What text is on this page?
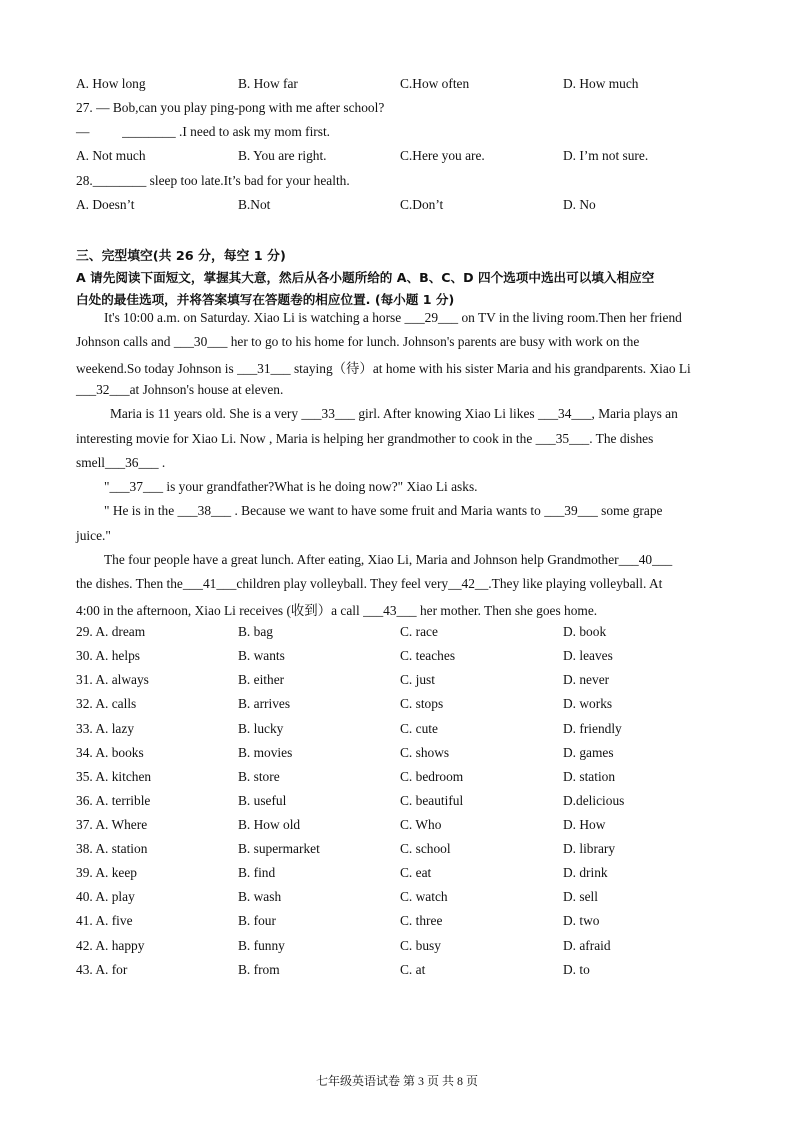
A. How long	B. How far	C.How often	D. How much
27. — Bob,can you play ping-pong with me after school?
— ________ .I need to ask my mom first.
A. Not much	B. You are right.	C.Here you are.	D. I’m not sure.
28.________ sleep too late.It’s bad for your health.
A. Doesn’t	B.Not	C.Don’t	D. No
三、完型填空(共 26 分，每空 1 分)
A 请先阅读下面短文，掌握其大意，然后从各小题所给的 A、B、C、D 四个选项中选出可以填入相应空
白处的最佳选项，并将答案填写在答题卷的相应位置. (每小题 1 分)
It's 10:00 a.m. on Saturday. Xiao Li is watching a horse ___29___ on TV in the living room.Then her friend
Johnson calls and ___30___ her to go to his home for lunch. Johnson's parents are busy with work on the
weekend.So today Johnson is ___31___ staying（待）at home with his sister Maria and his grandparents. Xiao Li
___32___at Johnson's house at eleven.
Maria is 11 years old. She is a very ___33___ girl. After knowing Xiao Li likes ___34___, Maria plays an
interesting movie for Xiao Li. Now , Maria is helping her grandmother to cook in the ___35___. The dishes
smell___36___ .
"___37___ is your grandfather?What is he doing now?" Xiao Li asks.
" He is in the ___38___ . Because we want to have some fruit and Maria wants to ___39___ some grape
juice."
The four people have a great lunch. After eating, Xiao Li, Maria and Johnson help Grandmother___40___
the dishes. Then the___41___children play volleyball. They feel very__42__.They like playing volleyball. At
4:00 in the afternoon, Xiao Li receives (收到）a call ___43___ her mother. Then she goes home.
29. A. dream	B. bag	C. race	D. book
30. A. helps	B. wants	C. teaches	D. leaves
31. A. always	B. either	C. just	D. never
32. A. calls	B. arrives	C. stops	D. works
33. A. lazy	B. lucky	C. cute	D. friendly
34. A. books	B. movies	C. shows	D. games
35. A. kitchen	B. store	C. bedroom	D. station
36. A. terrible	B. useful	C. beautiful	D.delicious
37. A. Where	B. How old	C. Who	D. How
38. A. station	B. supermarket	C. school	D. library
39. A. keep	B. find	C. eat	D. drink
40. A. play	B. wash	C. watch	D. sell
41. A. five	B. four	C. three	D. two
42. A. happy	B. funny	C. busy	D. afraid
43. A. for	B. from	C. at	D. to
七年级英语试卷 第 3 页 共 8 页
